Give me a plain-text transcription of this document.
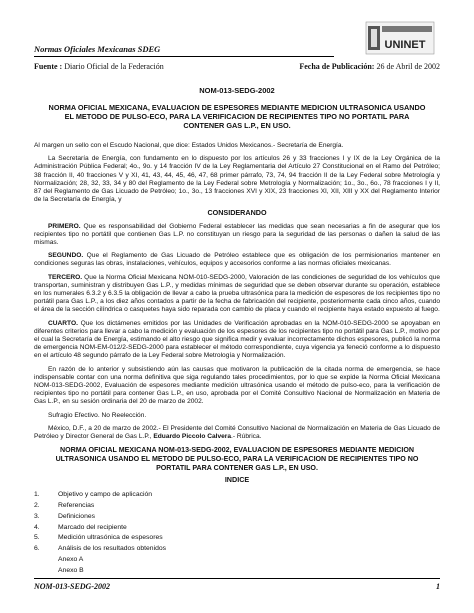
Normas Oficiales Mexicanas SDEG	UNINET
Fuente : Diario Oficial de la Federación	Fecha de Publicación: 26 de Abril de 2002
NOM-013-SEDG-2002
NORMA OFICIAL MEXICANA, EVALUACION DE ESPESORES MEDIANTE MEDICION ULTRASONICA USANDO EL METODO DE PULSO-ECO, PARA LA VERIFICACION DE RECIPIENTES TIPO NO PORTATIL PARA CONTENER GAS L.P., EN USO.

Al margen un sello con el Escudo Nacional, que dice: Estados Unidos Mexicanos.- Secretaría de Energía.

La Secretaría de Energía, con fundamento en lo dispuesto por los artículos 26 y 33 fracciones I y IX de la Ley Orgánica de la Administración Pública Federal; 4o., 9o. y 14 fracción IV de la Ley Reglamentaria del Artículo 27 Constitucional en el Ramo del Petróleo; 38 fracción II, 40 fracciones V y XI, 41, 43, 44, 45, 46, 47, 68 primer párrafo, 73, 74, 94 fracción II de la Ley Federal sobre Metrología y Normalización; 28, 32, 33, 34 y 80 del Reglamento de la Ley Federal sobre Metrología y Normalización; 1o., 3o., 6o., 78 fracciones I y II, 87 del Reglamento de Gas Licuado de Petróleo; 1o., 3o., 13 fracciones XVI y XIX, 23 fracciones XI, XII, XIII y XX del Reglamento Interior de la Secretaría de Energía, y

CONSIDERANDO

PRIMERO. Que es responsabilidad del Gobierno Federal establecer las medidas que sean necesarias a fin de asegurar que los recipientes tipo no portátil que contienen Gas L.P. no constituyan un riesgo para la seguridad de las personas o dañen la salud de las mismas.

SEGUNDO. Que el Reglamento de Gas Licuado de Petróleo establece que es obligación de los permisionarios mantener en condiciones seguras las obras, instalaciones, vehículos, equipos y accesorios conforme a las normas oficiales mexicanas.

TERCERO. Que la Norma Oficial Mexicana NOM-010-SEDG-2000, Valoración de las condiciones de seguridad de los vehículos que transportan, suministran y distribuyen Gas L.P., y medidas mínimas de seguridad que se deben observar durante su operación, establece en los numerales 6.3.2 y 6.3.5 la obligación de llevar a cabo la prueba ultrasónica para la medición de espesores de los recipientes tipo no portátil para Gas L.P., a los diez años contados a partir de la fecha de fabricación del recipiente, posteriormente cada cinco años, cuando el área de la sección cilíndrica o casquetes haya sido reparada con cambio de placa y cuando el recipiente haya estado expuesto al fuego.

CUARTO. Que los dictámenes emitidos por las Unidades de Verificación aprobadas en la NOM-010-SEDG-2000 se apoyaban en diferentes criterios para llevar a cabo la medición y evaluación de los espesores de los recipientes tipo no portátil para Gas L.P., motivo por el cual la Secretaría de Energía, estimando el alto riesgo que significa medir y evaluar incorrectamente dichos espesores, publicó la norma de emergencia NOM-EM-012/2-SEDG-2000 para establecer el método correspondiente, cuya vigencia ya feneció conforme a lo dispuesto en el artículo 48 segundo párrafo de la Ley Federal sobre Metrología y Normalización.

En razón de lo anterior y subsistiendo aún las causas que motivaron la publicación de la citada norma de emergencia, se hace indispensable contar con una norma definitiva que siga regulando tales procedimientos, por lo que se expide la Norma Oficial Mexicana NOM-013-SEDG-2002, Evaluación de espesores mediante medición ultrasónica usando el método de pulso-eco, para la verificación de recipientes tipo no portátil para contener Gas L.P., en uso, aprobada por el Comité Consultivo Nacional de Normalización en Materia de Gas L.P., en su sesión ordinaria del 20 de marzo de 2002.

Sufragio Efectivo. No Reelección.

México, D.F., a 20 de marzo de 2002.- El Presidente del Comité Consultivo Nacional de Normalización en Materia de Gas Licuado de Petróleo y Director General de Gas L.P., Eduardo Piccolo Calvera.- Rúbrica.

NORMA OFICIAL MEXICANA NOM-013-SEDG-2002, EVALUACION DE ESPESORES MEDIANTE MEDICION ULTRASONICA USANDO EL METODO DE PULSO-ECO, PARA LA VERIFICACION DE RECIPIENTES TIPO NO PORTATIL PARA CONTENER GAS L.P., EN USO.
INDICE
1.	Objetivo y campo de aplicación
2.	Referencias
3.	Definiciones
4.	Marcado del recipiente
5.	Medición ultrasónica de espesores
6.	Análisis de los resultados obtenidos
Anexo A
Anexo B
NOM-013-SEDG-2002	1
